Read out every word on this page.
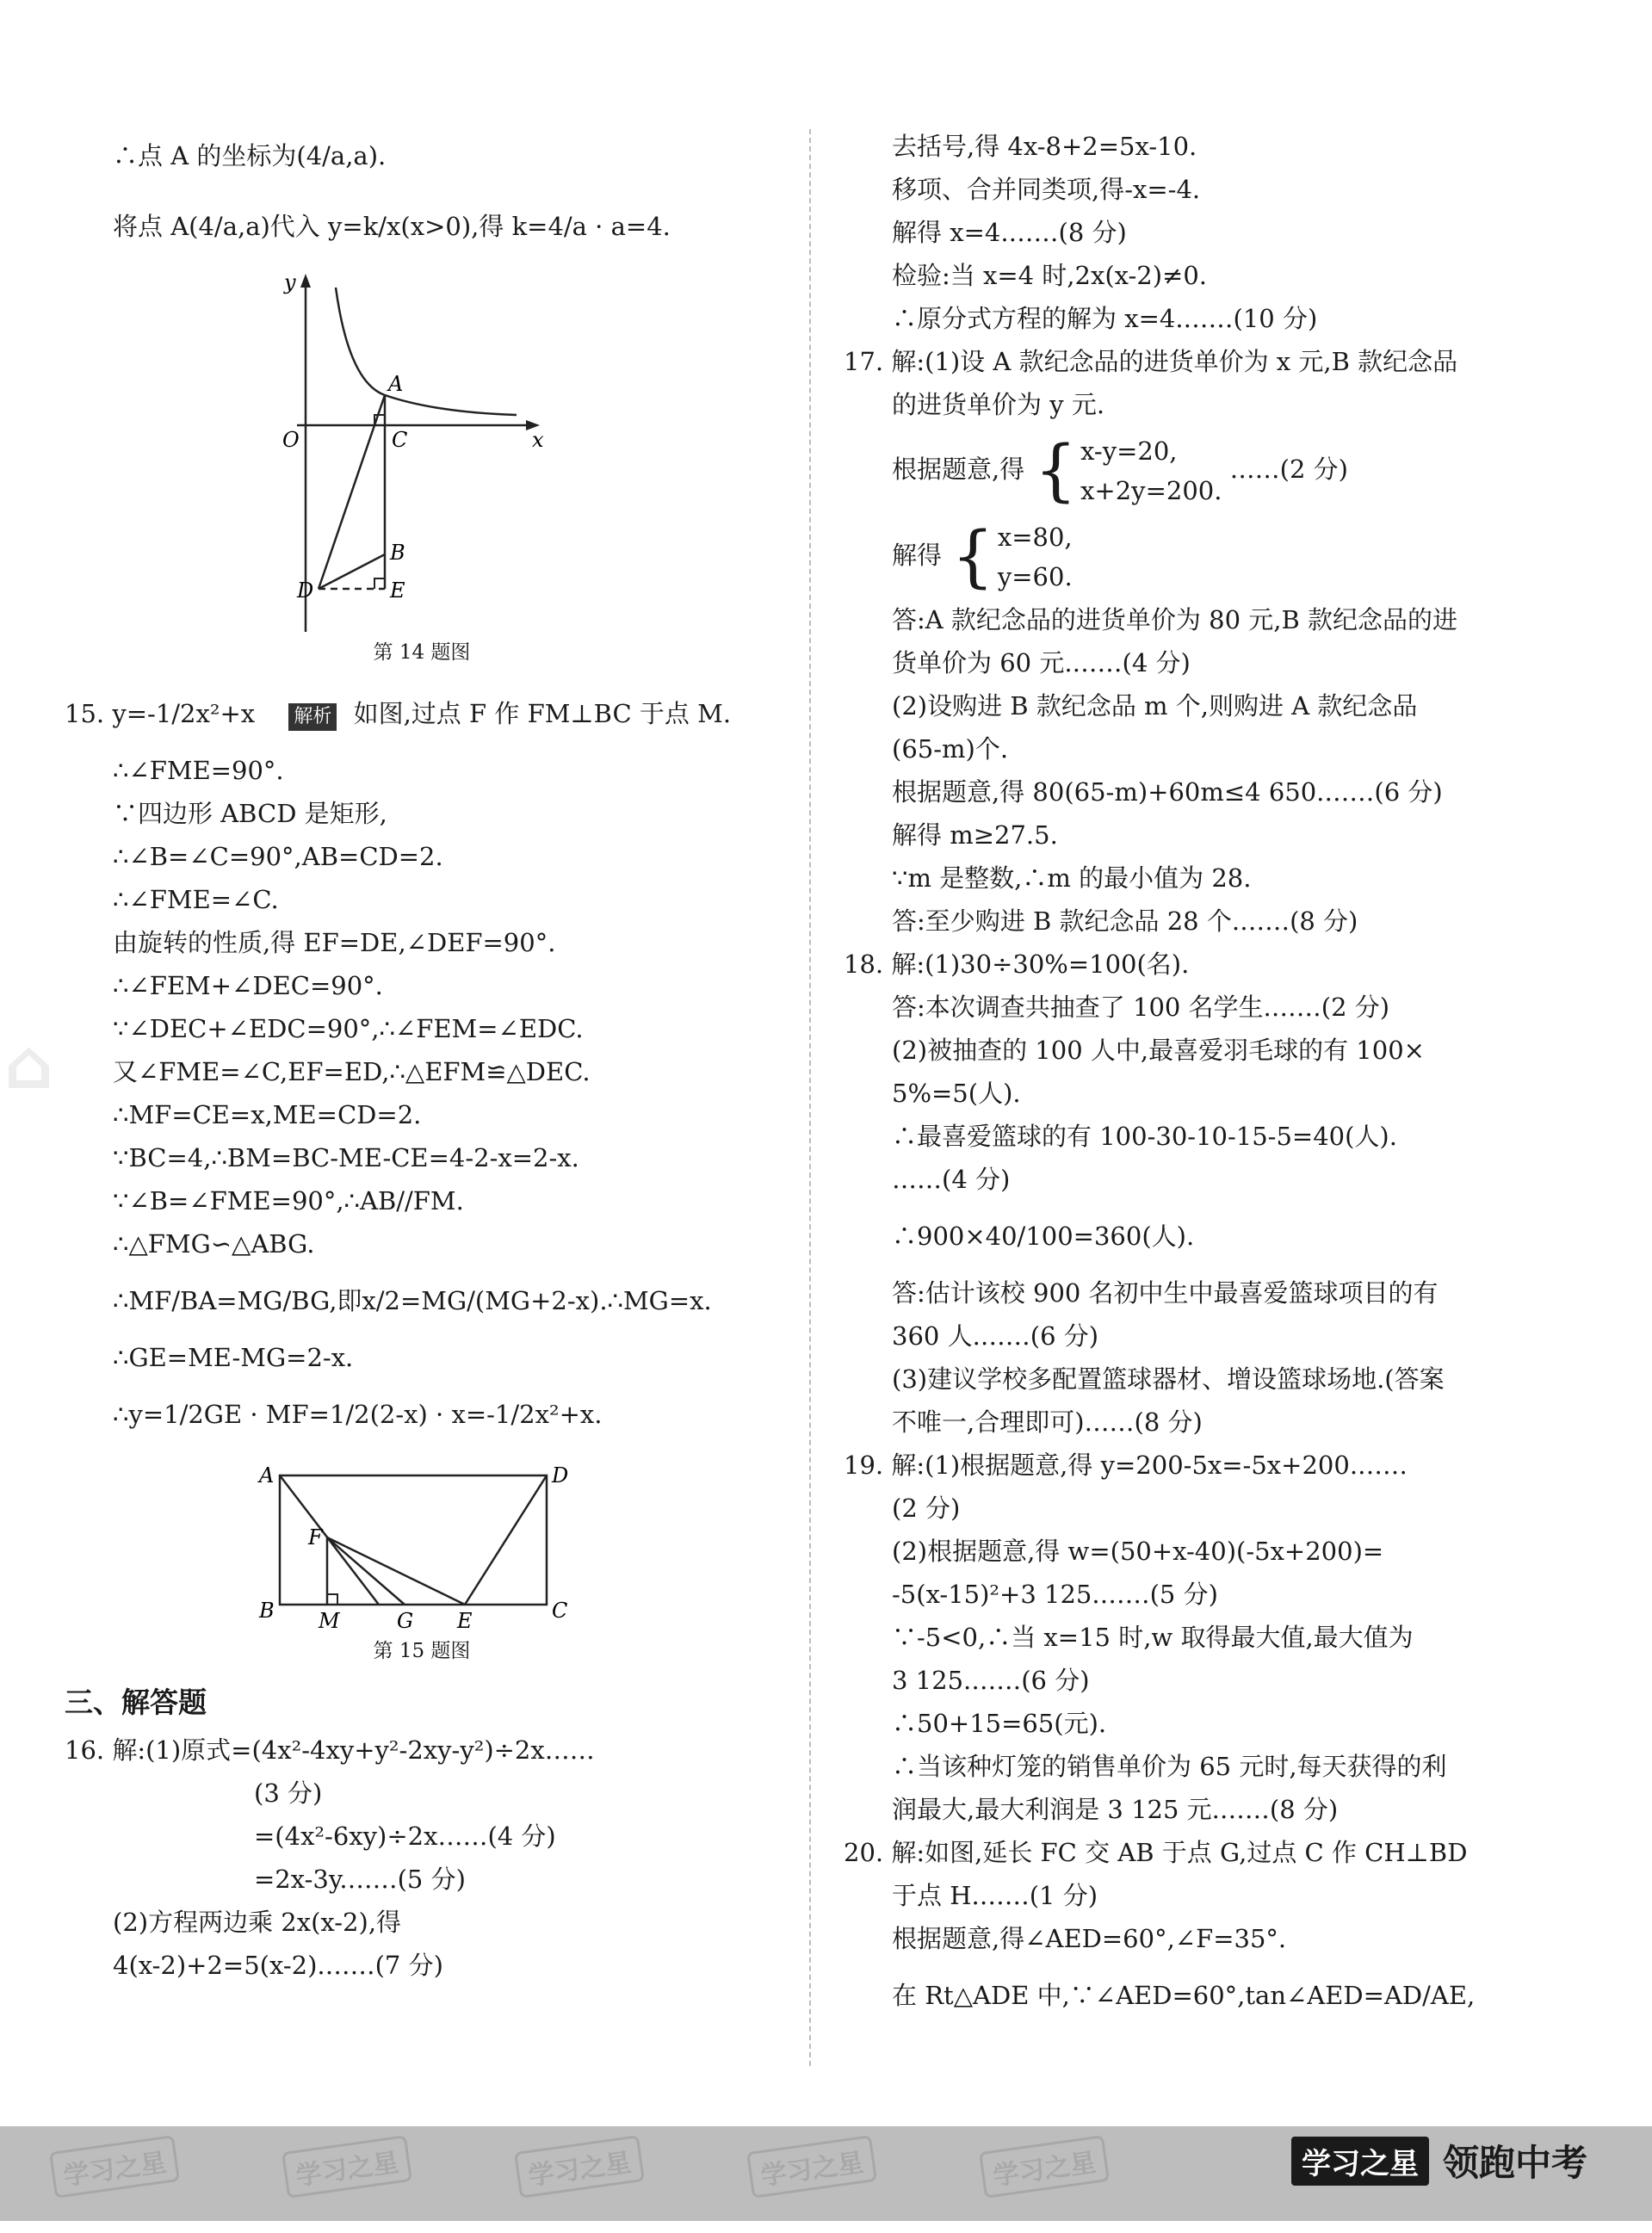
⌂
∴点 A 的坐标为(4/a,a).
将点 A(4/a,a)代入 y=k/x(x>0),得 k=4/a · a=4.
y
x
O	C
A
B
D	E
第 14 题图
15. y=-1/2x²+x 解析 如图,过点 F 作 FM⊥BC 于点 M.
∴∠FME=90°.
∵四边形 ABCD 是矩形,
∴∠B=∠C=90°,AB=CD=2.
∴∠FME=∠C.
由旋转的性质,得 EF=DE,∠DEF=90°.
∴∠FEM+∠DEC=90°.
∵∠DEC+∠EDC=90°,∴∠FEM=∠EDC.
又∠FME=∠C,EF=ED,∴△EFM≌△DEC.
∴MF=CE=x,ME=CD=2.
∵BC=4,∴BM=BC-ME-CE=4-2-x=2-x.
∵∠B=∠FME=90°,∴AB//FM.
∴△FMG∽△ABG.
∴MF/BA=MG/BG,即x/2=MG/(MG+2-x).∴MG=x.
∴GE=ME-MG=2-x.
∴y=1/2GE · MF=1/2(2-x) · x=-1/2x²+x.
A	D
F
B M	G E	C
第 15 题图
三、解答题
16. 解:(1)原式=(4x²-4xy+y²-2xy-y²)÷2x……
(3 分)
=(4x²-6xy)÷2x……(4 分)
=2x-3y.……(5 分)
(2)方程两边乘 2x(x-2),得
4(x-2)+2=5(x-2).……(7 分)
去括号,得 4x-8+2=5x-10.
移项、合并同类项,得-x=-4.
解得 x=4.……(8 分)
检验:当 x=4 时,2x(x-2)≠0.
∴原分式方程的解为 x=4.……(10 分)
17. 解:(1)设 A 款纪念品的进货单价为 x 元,B 款纪念品
的进货单价为 y 元.
根据题意,得 { x-y=20,
x+2y=200.
……(2 分)
解得 { x=80,
y=60.
答:A 款纪念品的进货单价为 80 元,B 款纪念品的进
货单价为 60 元.……(4 分)
(2)设购进 B 款纪念品 m 个,则购进 A 款纪念品
(65-m)个.
根据题意,得 80(65-m)+60m≤4 650.……(6 分)
解得 m≥27.5.
∵m 是整数,∴m 的最小值为 28.
答:至少购进 B 款纪念品 28 个.……(8 分)
18. 解:(1)30÷30%=100(名).
答:本次调查共抽查了 100 名学生.……(2 分)
(2)被抽查的 100 人中,最喜爱羽毛球的有 100×
5%=5(人).
∴最喜爱篮球的有 100-30-10-15-5=40(人).
……(4 分)
∴900×40/100=360(人).
答:估计该校 900 名初中生中最喜爱篮球项目的有
360 人.……(6 分)
(3)建议学校多配置篮球器材、增设篮球场地.(答案
不唯一,合理即可)……(8 分)
19. 解:(1)根据题意,得 y=200-5x=-5x+200.……
(2 分)
(2)根据题意,得 w=(50+x-40)(-5x+200)=
-5(x-15)²+3 125.……(5 分)
∵-5<0,∴当 x=15 时,w 取得最大值,最大值为
3 125.……(6 分)
∴50+15=65(元).
∴当该种灯笼的销售单价为 65 元时,每天获得的利
润最大,最大利润是 3 125 元.……(8 分)
20. 解:如图,延长 FC 交 AB 于点 G,过点 C 作 CH⊥BD
于点 H.……(1 分)
根据题意,得∠AED=60°,∠F=35°.
在 Rt△ADE 中,∵∠AED=60°,tan∠AED=AD/AE,
学习之星	学习之星	学习之星	学习之星	学习之星	学习之星 领跑中考
